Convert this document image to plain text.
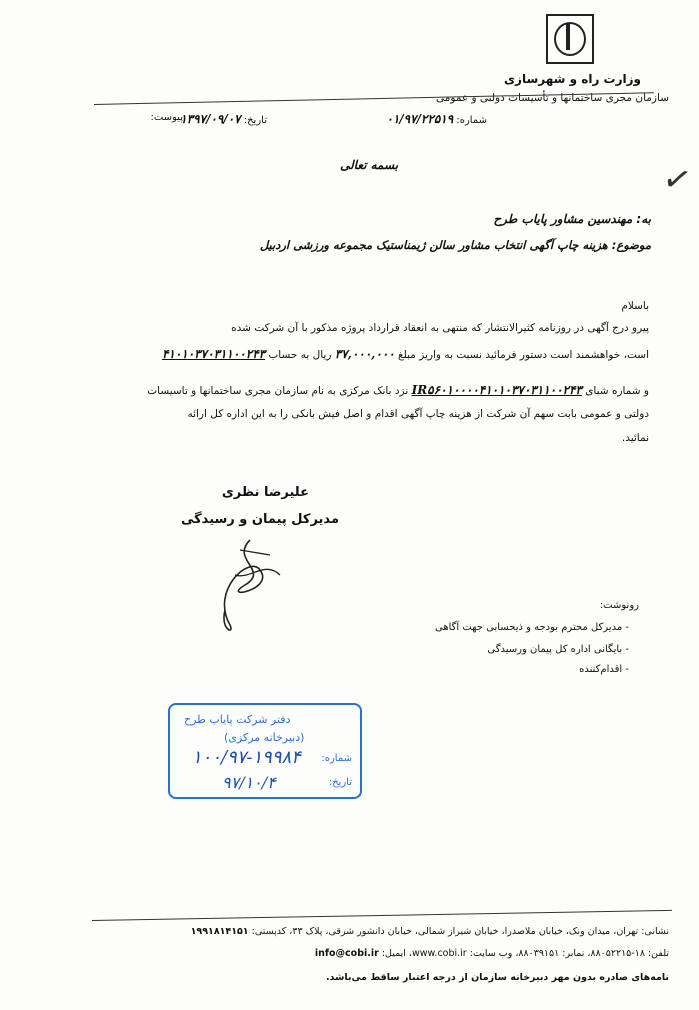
وزارت راه و شهرسازی
سازمان مجری ساختمانها و تأسیسات دولتی و عمومی
شماره: ۰۱/۹۷/۲۲۵۱۹
تاریخ: ۱۳۹۷/۰۹/۰۷
پیوست:
✓
بسمه تعالی
به: مهندسین مشاور پایاب طرح
موضوع: هزینه چاپ آگهی انتخاب مشاور سالن ژیمناستیک مجموعه ورزشی اردبیل
باسلام
پیرو درج آگهی در روزنامه کثیرالانتشار که منتهی به انعقاد قرارداد پروژه مذکور با آن شرکت شده
است، خواهشمند است دستور فرمائید نسبت به واریز مبلغ ۳۷,۰۰۰,۰۰۰ ریال به حساب ۴۱۰۱۰۳۷۰۳۱۱۰۰۲۴۳
و شماره شبای IR۵۶۰۱۰۰۰۰۴۱۰۱۰۳۷۰۳۱۱۰۰۲۴۳ نزد بانک مرکزی به نام سازمان مجری ساختمانها و تاسیسات
دولتی و عمومی بابت سهم آن شرکت از هزینه چاپ آگهی اقدام و اصل فیش بانکی را به این اداره کل ارائه
نمائید.
علیرضا نظری
مدیرکل پیمان و رسیدگی
رونوشت:
- مدیرکل محترم بودجه و ذیحسابی جهت آگاهی
- بایگانی اداره کل پیمان ورسیدگی
- اقدام‌کننده
دفتر شرکت پایاب طرح
(دبیرخانه مرکزی)
شماره:
تاریخ:
۱۰۰/۹۷-۱۹۹۸۴
۹۷/۱۰/۴
نشانی: تهران، میدان ونک، خیابان ملاصدرا، خیابان شیراز شمالی، خیابان دانشور شرقی، پلاک ۳۳، کدپستی: ۱۹۹۱۸۱۴۱۵۱
تلفن: ۱۸-۸۸۰۵۲۲۱۵، نمابر: ۸۸۰۳۹۱۵۱، وب سایت: www.cobi.ir، ایمیل: info@cobi.ir
نامه‌های صادره بدون مهر دبیرخانه سازمان از درجه اعتبار ساقط می‌باشد.
